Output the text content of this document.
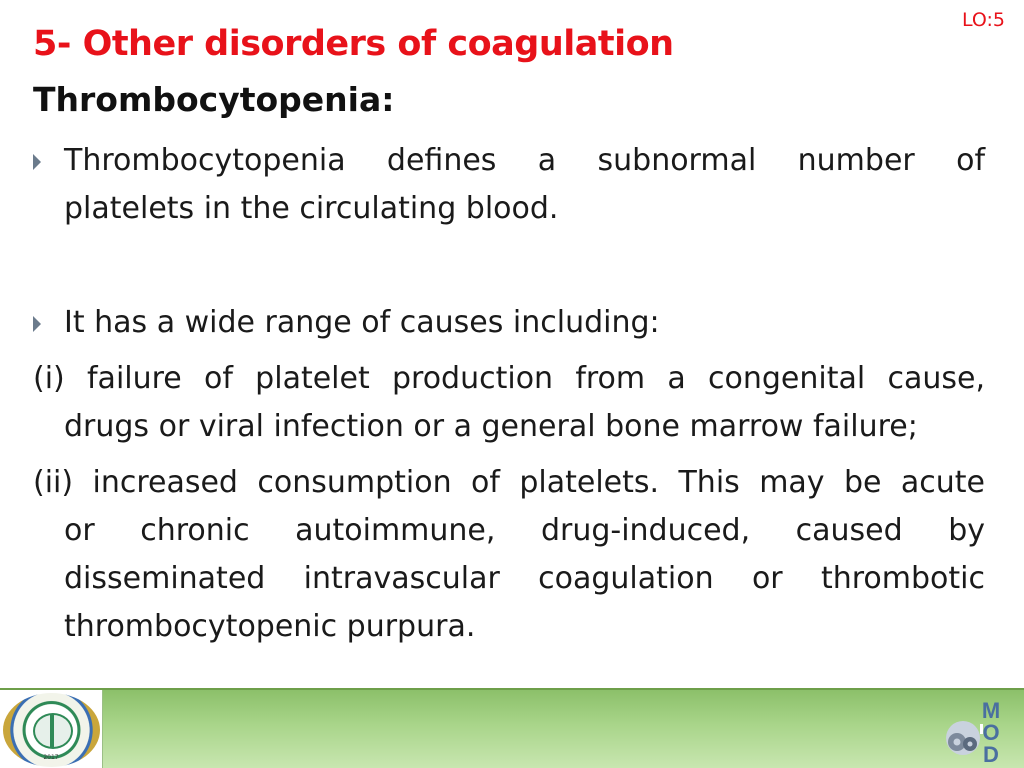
LO:5
5- Other disorders of coagulation
Thrombocytopenia:
Thrombocytopenia defines a subnormal number of
platelets in the circulating blood.
It has a wide range of causes including:
(i) failure of platelet production from a congenital cause,
drugs or viral infection or a general bone marrow failure;
(ii) increased consumption of platelets. This may be acute
or chronic autoimmune, drug-induced, caused by
disseminated intravascular coagulation or thrombotic
thrombocytopenic purpura.
2017
M
O
D
